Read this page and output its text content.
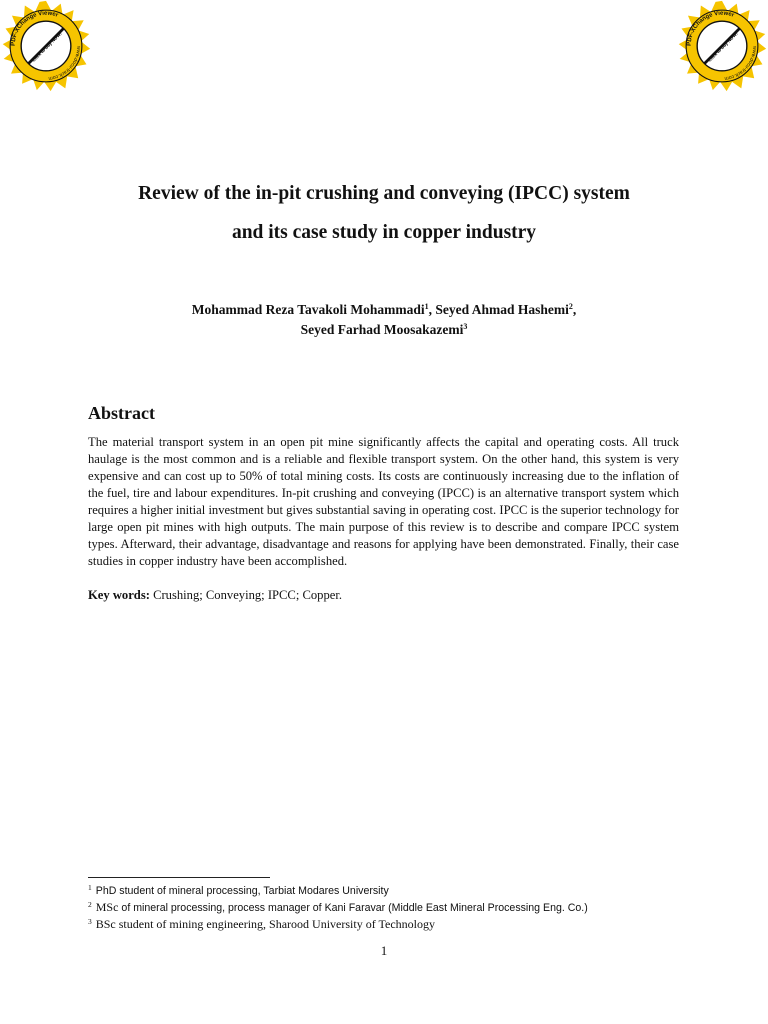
PDF-XChange Viewer
www.docu-track.com
Click to buy NOW!	PDF-XChange Viewer
www.docu-track.com
Click to buy NOW!
Review of the in-pit crushing and conveying (IPCC) system
and its case study in copper industry
Mohammad Reza Tavakoli Mohammadi$^1$, Seyed Ahmad Hashemi$^2$,
Seyed Farhad Moosakazemi$^3$
Abstract

The material transport system in an open pit mine significantly affects the capital and operating costs. All truck haulage is the most common and is a reliable and flexible transport system. On the other hand, this system is very expensive and can cost up to 50% of total mining costs. Its costs are continuously increasing due to the inflation of the fuel, tire and labour expenditures. In-pit crushing and conveying (IPCC) is an alternative transport system which requires a higher initial investment but gives substantial saving in operating cost. IPCC is the superior technology for large open pit mines with high outputs. The main purpose of this review is to describe and compare IPCC system types. Afterward, their advantage, disadvantage and reasons for applying have been demonstrated. Finally, their case studies in copper industry have been accomplished.

Key words: Crushing; Conveying; IPCC; Copper.

$^1$ PhD student of mineral processing, Tarbiat Modares University
$^2$ MSc of mineral processing, process manager of Kani Faravar (Middle East Mineral Processing Eng. Co.)
$^3$ BSc student of mining engineering, Sharood University of Technology
1
